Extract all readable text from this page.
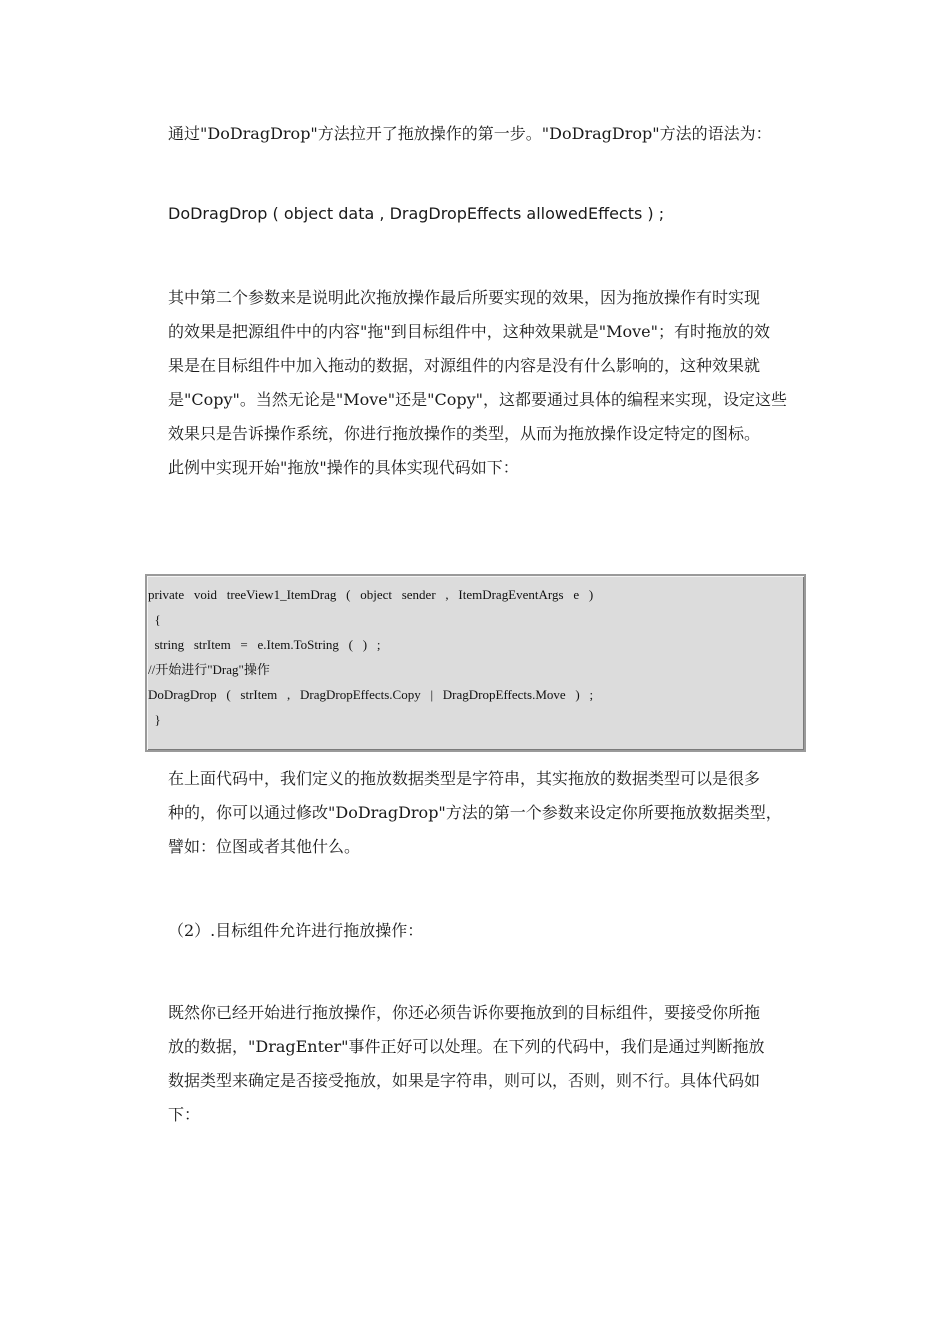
通过"DoDragDrop"方法拉开了拖放操作的第一步。"DoDragDrop"方法的语法为：
DoDragDrop ( object data , DragDropEffects allowedEffects ) ;
其中第二个参数来是说明此次拖放操作最后所要实现的效果，因为拖放操作有时实现
的效果是把源组件中的内容"拖"到目标组件中，这种效果就是"Move"；有时拖放的效
果是在目标组件中加入拖动的数据，对源组件的内容是没有什么影响的，这种效果就
是"Copy"。当然无论是"Move"还是"Copy"，这都要通过具体的编程来实现，设定这些
效果只是告诉操作系统，你进行拖放操作的类型，从而为拖放操作设定特定的图标。
此例中实现开始"拖放"操作的具体实现代码如下：
private   void   treeView1_ItemDrag   (   object   sender   ,   ItemDragEventArgs   e   )
{
string   strItem   =   e.Item.ToString   (   )   ;
//开始进行"Drag"操作
DoDragDrop   (   strItem   ,   DragDropEffects.Copy   |   DragDropEffects.Move   )   ;
}
在上面代码中，我们定义的拖放数据类型是字符串，其实拖放的数据类型可以是很多
种的，你可以通过修改"DoDragDrop"方法的第一个参数来设定你所要拖放数据类型，
譬如：位图或者其他什么。
（2）.目标组件允许进行拖放操作：
既然你已经开始进行拖放操作，你还必须告诉你要拖放到的目标组件，要接受你所拖
放的数据，"DragEnter"事件正好可以处理。在下列的代码中，我们是通过判断拖放
数据类型来确定是否接受拖放，如果是字符串，则可以，否则，则不行。具体代码如
下：
